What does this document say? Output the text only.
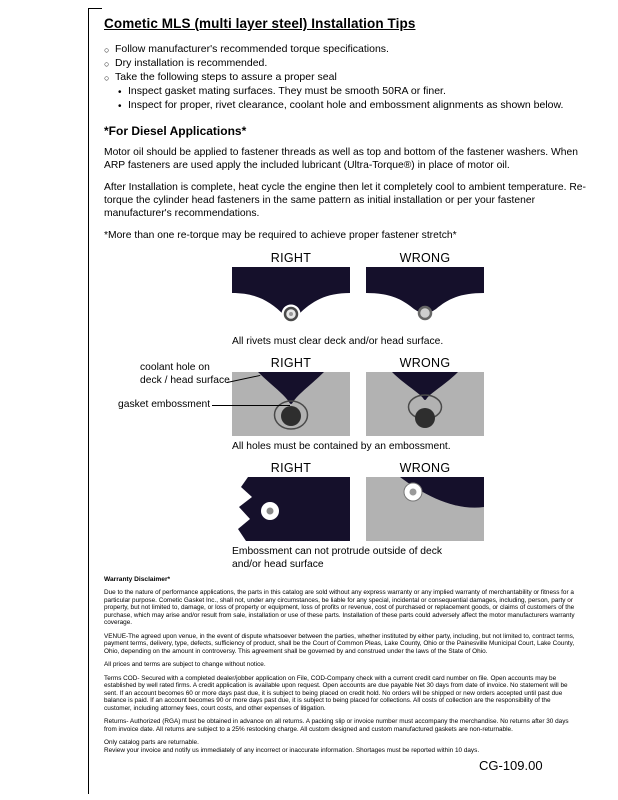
Cometic MLS (multi layer steel) Installation Tips
○ Follow manufacturer's recommended torque specifications.
○ Dry installation is recommended.
○ Take the following steps to assure a proper seal
• Inspect gasket mating surfaces. They must be smooth 50RA or finer.
• Inspect for proper, rivet clearance, coolant hole and embossment alignments as shown below.
*For Diesel Applications*
Motor oil should be applied to fastener threads as well as top and bottom of the fastener washers. When ARP fasteners are used apply the included lubricant (Ultra-Torque®) in place of motor oil.
After Installation is complete, heat cycle the engine then let it completely cool to ambient temperature. Re-torque the cylinder head fasteners in the same pattern as initial installation or per your fastener manufacturer's recommendations.
*More than one re-torque may be required to achieve proper fastener stretch*
RIGHT	WRONG
All rivets must clear deck and/or head surface.
coolant hole on
deck / head surface
gasket embossment
RIGHT	WRONG
All holes must be contained by an embossment.
RIGHT	WRONG
Embossment can not protrude outside of deck
and/or head surface
Warranty Disclaimer*

Due to the nature of performance applications, the parts in this catalog are sold without any express warranty or any implied warranty of merchantability or fitness for a particular purpose. Cometic Gasket Inc., shall not, under any circumstances, be liable for any special, incidental or consequential damages, including, person, party or property, but not limited to, damage, or loss of property or equipment, loss of profits or revenue, cost of purchased or replacement goods, or claims of customers of the purchase, which may arise and/or result from sale, installation or use of these parts. Installation of these parts could adversely affect the motor manufacturers warranty coverage.

VENUE-The agreed upon venue, in the event of dispute whatsoever between the parties, whether instituted by either party, including, but not limited to, contract terms, payment terms, delivery, type, defects, sufficiency of product, shall be the Court of Common Pleas, Lake County, Ohio or the Painesville Municipal Court, Lake County, Ohio, depending on the amount in controversy. This agreement shall be governed by and construed under the laws of the State of Ohio.

All prices and terms are subject to change without notice.

Terms COD- Secured with a completed dealer/jobber application on File, COD-Company check with a current credit card number on file. Open accounts may be established by well rated firms. A credit application is available upon request. Open accounts are due payable Net 30 days from date of invoice. No statement will be sent. If an account becomes 60 or more days past due, it is subject to being placed on credit hold. No orders will be shipped or new orders accepted until past due balance is paid. If an account becomes 90 or more days past due, it is subject to being placed for collections. All costs of collection are the responsibility of the customer, including attorney fees, court costs, and other expenses of litigation.

Returns- Authorized (RGA) must be obtained in advance on all returns. A packing slip or invoice number must accompany the merchandise. No returns after 30 days from invoice date. All returns are subject to a 25% restocking charge. All custom designed and custom manufactured gaskets are non-returnable.

Only catalog parts are returnable.

Review your invoice and notify us immediately of any incorrect or inaccurate information. Shortages must be reported within 10 days.

CG-109.00
